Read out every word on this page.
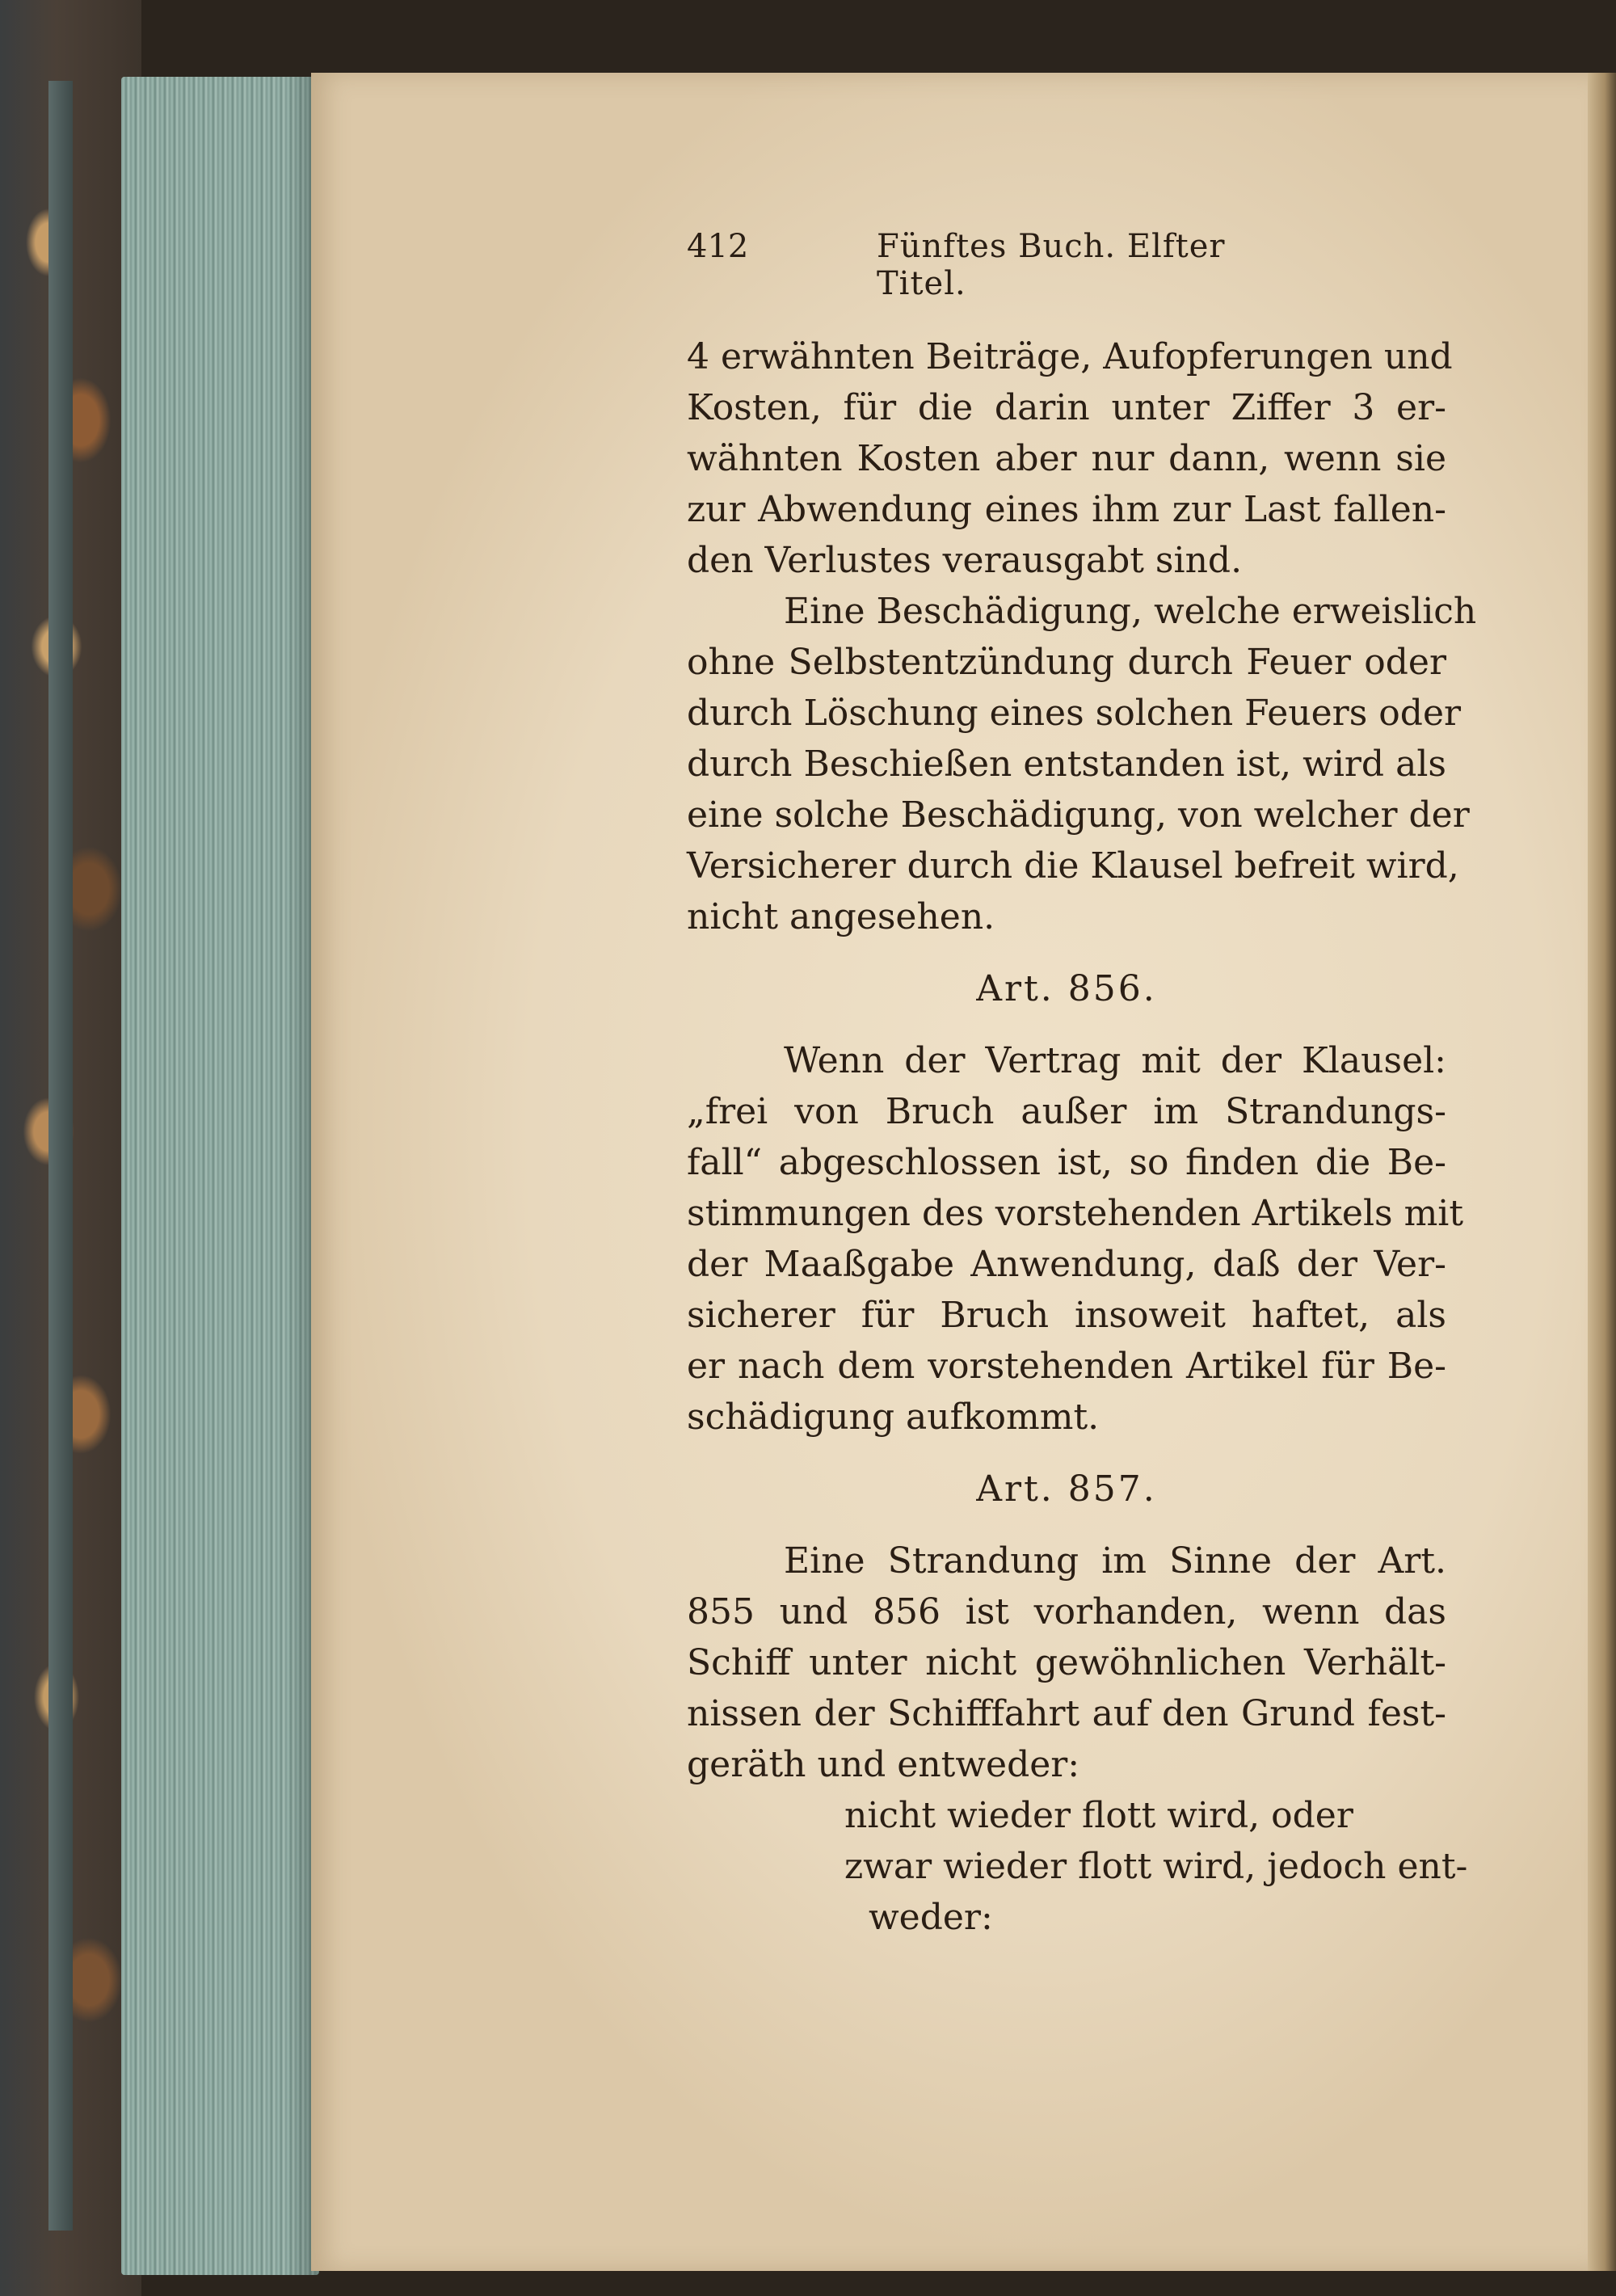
412	Fünftes Buch. Elfter Titel.
4 erwähnten Beiträge, Aufopferungen und
Kosten, für die darin unter Ziffer 3 er-
wähnten Kosten aber nur dann, wenn sie
zur Abwendung eines ihm zur Last fallen-
den Verlustes verausgabt sind.
Eine Beschädigung, welche erweislich
ohne Selbstentzündung durch Feuer oder
durch Löschung eines solchen Feuers oder
durch Beschießen entstanden ist, wird als
eine solche Beschädigung, von welcher der
Versicherer durch die Klausel befreit wird,
nicht angesehen.
Art. 856.
Wenn der Vertrag mit der Klausel:
„frei von Bruch außer im Strandungs-
fall“ abgeschlossen ist, so finden die Be-
stimmungen des vorstehenden Artikels mit
der Maaßgabe Anwendung, daß der Ver-
sicherer für Bruch insoweit haftet, als
er nach dem vorstehenden Artikel für Be-
schädigung aufkommt.
Art. 857.
Eine Strandung im Sinne der Art.
855 und 856 ist vorhanden, wenn das
Schiff unter nicht gewöhnlichen Verhält-
nissen der Schifffahrt auf den Grund fest-
geräth und entweder:
nicht wieder flott wird, oder
zwar wieder flott wird, jedoch ent-
weder:
